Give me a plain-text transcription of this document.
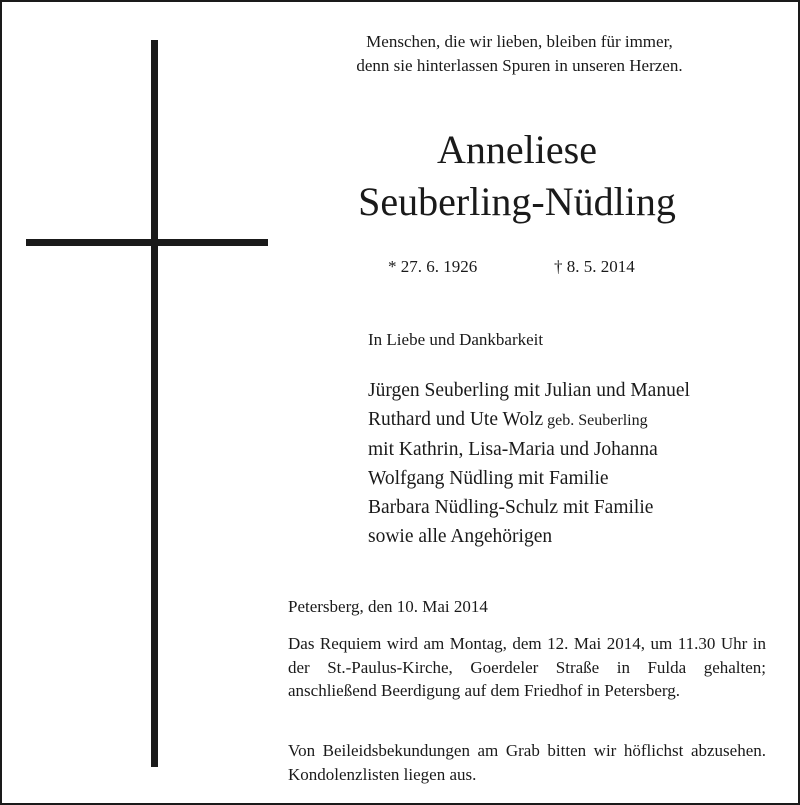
Menschen, die wir lieben, bleiben für immer,
denn sie hinterlassen Spuren in unseren Herzen.
Anneliese
Seuberling-Nüdling
* 27. 6. 1926	† 8. 5. 2014
In Liebe und Dankbarkeit
Jürgen Seuberling mit Julian und Manuel
Ruthard und Ute Wolz geb. Seuberling
mit Kathrin, Lisa-Maria und Johanna
Wolfgang Nüdling mit Familie
Barbara Nüdling-Schulz mit Familie
sowie alle Angehörigen
Petersberg, den 10. Mai 2014
Das Requiem wird am Montag, dem 12. Mai 2014, um 11.30 Uhr in der St.-Paulus-Kirche, Goerdeler Straße in Fulda gehalten; anschließend Beerdigung auf dem Friedhof in Petersberg.
Von Beileidsbekundungen am Grab bitten wir höflichst abzusehen. Kondolenzlisten liegen aus.
